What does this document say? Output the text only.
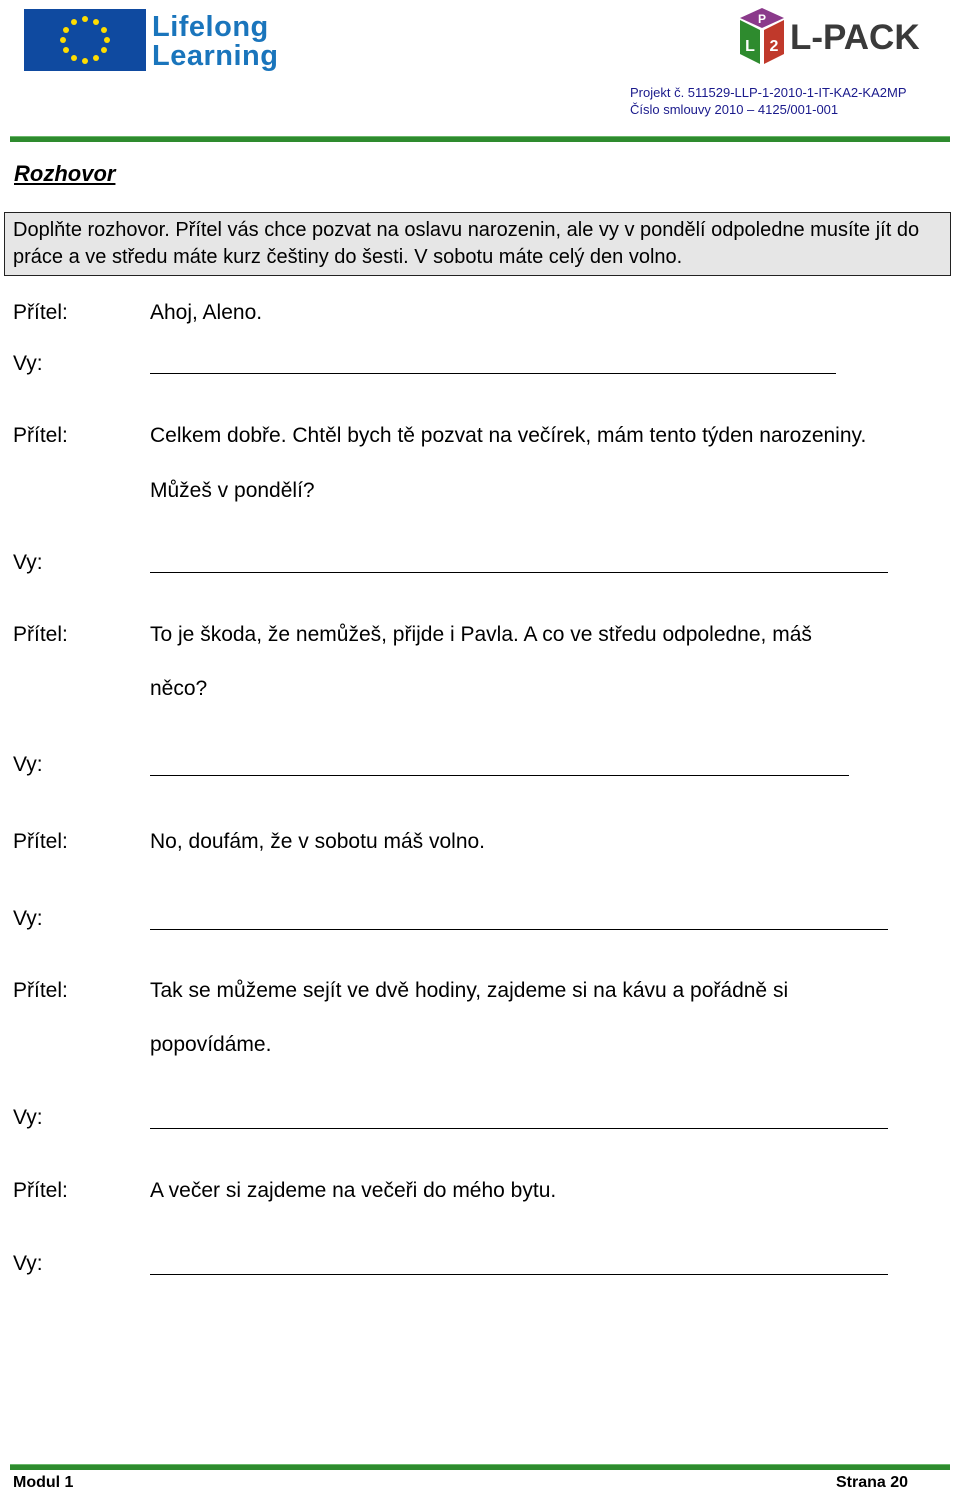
Lifelong
Learning
P
L 2 L-PACK
Projekt č. 511529-LLP-1-2010-1-IT-KA2-KA2MP
Číslo smlouvy 2010 – 4125/001-001
Rozhovor
Doplňte rozhovor. Přítel vás chce pozvat na oslavu narozenin, ale vy v pondělí odpoledne musíte jít do práce a ve středu máte kurz češtiny do šesti. V sobotu máte celý den volno.
Přítel:	Ahoj, Aleno.
Vy:
Přítel:	Celkem dobře. Chtěl bych tě pozvat na večírek, mám tento týden narozeniny.
Můžeš v pondělí?
Vy:
Přítel:	To je škoda, že nemůžeš, přijde i Pavla. A co ve středu odpoledne, máš
něco?
Vy:
Přítel:	No, doufám, že v sobotu máš volno.
Vy:
Přítel:	Tak se můžeme sejít ve dvě hodiny, zajdeme si na kávu a pořádně si
popovídáme.
Vy:
Přítel:	A večer si zajdeme na večeři do mého bytu.
Vy:
Modul 1	Strana 20
